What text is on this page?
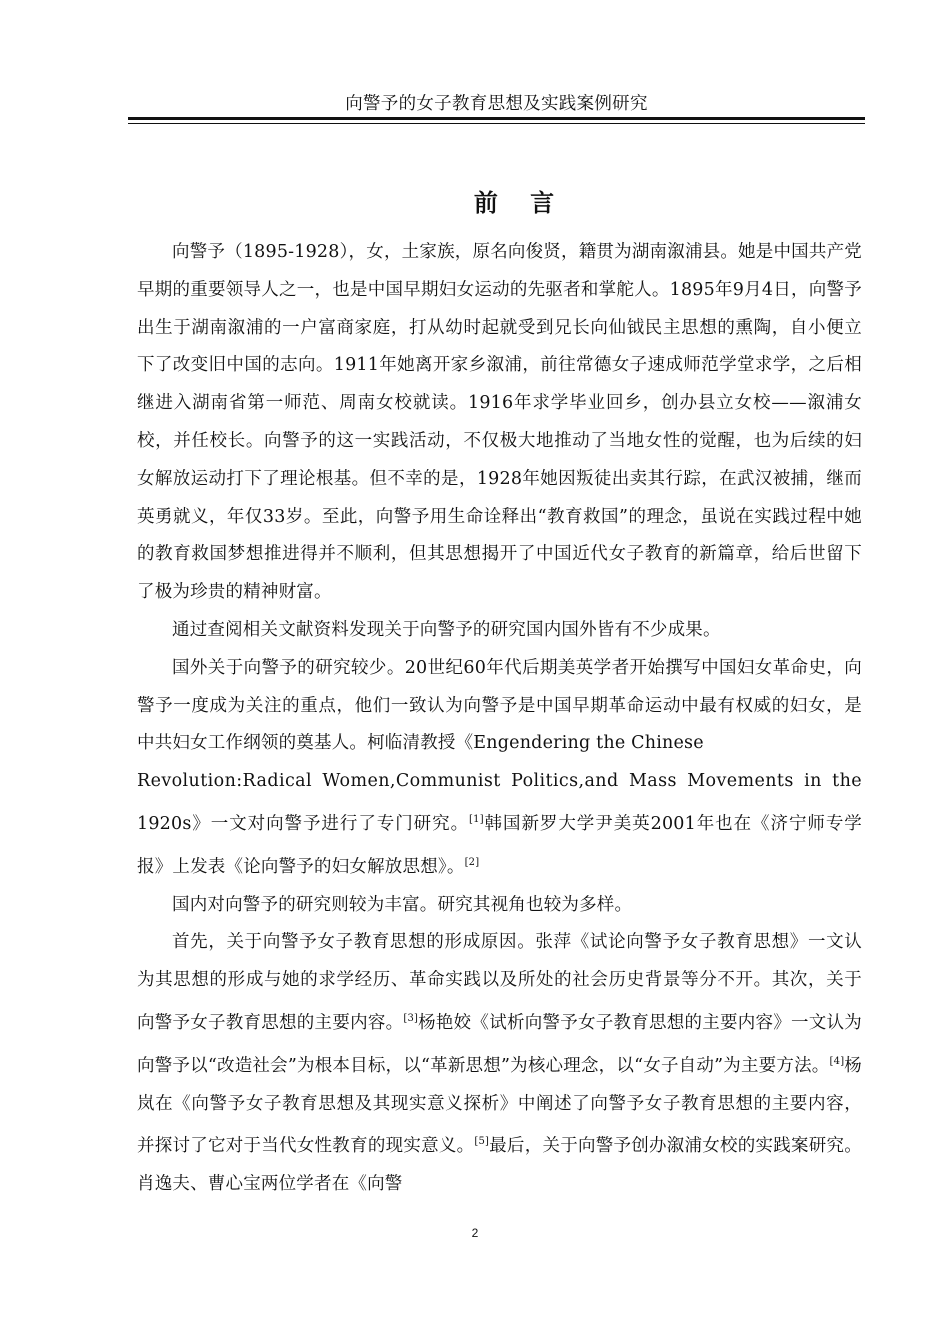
向警予的女子教育思想及实践案例研究
前 言

向警予（1895-1928），女，土家族，原名向俊贤，籍贯为湖南溆浦县。她是中国共产党早期的重要领导人之一，也是中国早期妇女运动的先驱者和掌舵人。1895年9月4日，向警予出生于湖南溆浦的一户富商家庭，打从幼时起就受到兄长向仙钺民主思想的熏陶，自小便立下了改变旧中国的志向。1911年她离开家乡溆浦，前往常德女子速成师范学堂求学，之后相继进入湖南省第一师范、周南女校就读。1916年求学毕业回乡，创办县立女校——溆浦女校，并任校长。向警予的这一实践活动，不仅极大地推动了当地女性的觉醒，也为后续的妇女解放运动打下了理论根基。但不幸的是，1928年她因叛徒出卖其行踪，在武汉被捕，继而英勇就义，年仅33岁。至此，向警予用生命诠释出“教育救国”的理念，虽说在实践过程中她的教育救国梦想推进得并不顺利，但其思想揭开了中国近代女子教育的新篇章，给后世留下了极为珍贵的精神财富。

通过查阅相关文献资料发现关于向警予的研究国内国外皆有不少成果。

国外关于向警予的研究较少。20世纪60年代后期美英学者开始撰写中国妇女革命史，向警予一度成为关注的重点，他们一致认为向警予是中国早期革命运动中最有权威的妇女，是中共妇女工作纲领的奠基人。柯临清教授《Engendering the Chinese
Revolution:Radical Women,Communist Politics,and Mass Movements in the
1920s》一文对向警予进行了专门研究。[1]韩国新罗大学尹美英2001年也在《济宁师专学报》上发表《论向警予的妇女解放思想》。[2]

国内对向警予的研究则较为丰富。研究其视角也较为多样。

首先，关于向警予女子教育思想的形成原因。张萍《试论向警予女子教育思想》一文认为其思想的形成与她的求学经历、革命实践以及所处的社会历史背景等分不开。其次，关于向警予女子教育思想的主要内容。[3]杨艳姣《试析向警予女子教育思想的主要内容》一文认为向警予以“改造社会”为根本目标，以“革新思想”为核心理念，以“女子自动”为主要方法。[4]杨岚在《向警予女子教育思想及其现实意义探析》中阐述了向警予女子教育思想的主要内容，并探讨了它对于当代女性教育的现实意义。[5]最后，关于向警予创办溆浦女校的实践案研究。肖逸夫、曹心宝两位学者在《向警

2
